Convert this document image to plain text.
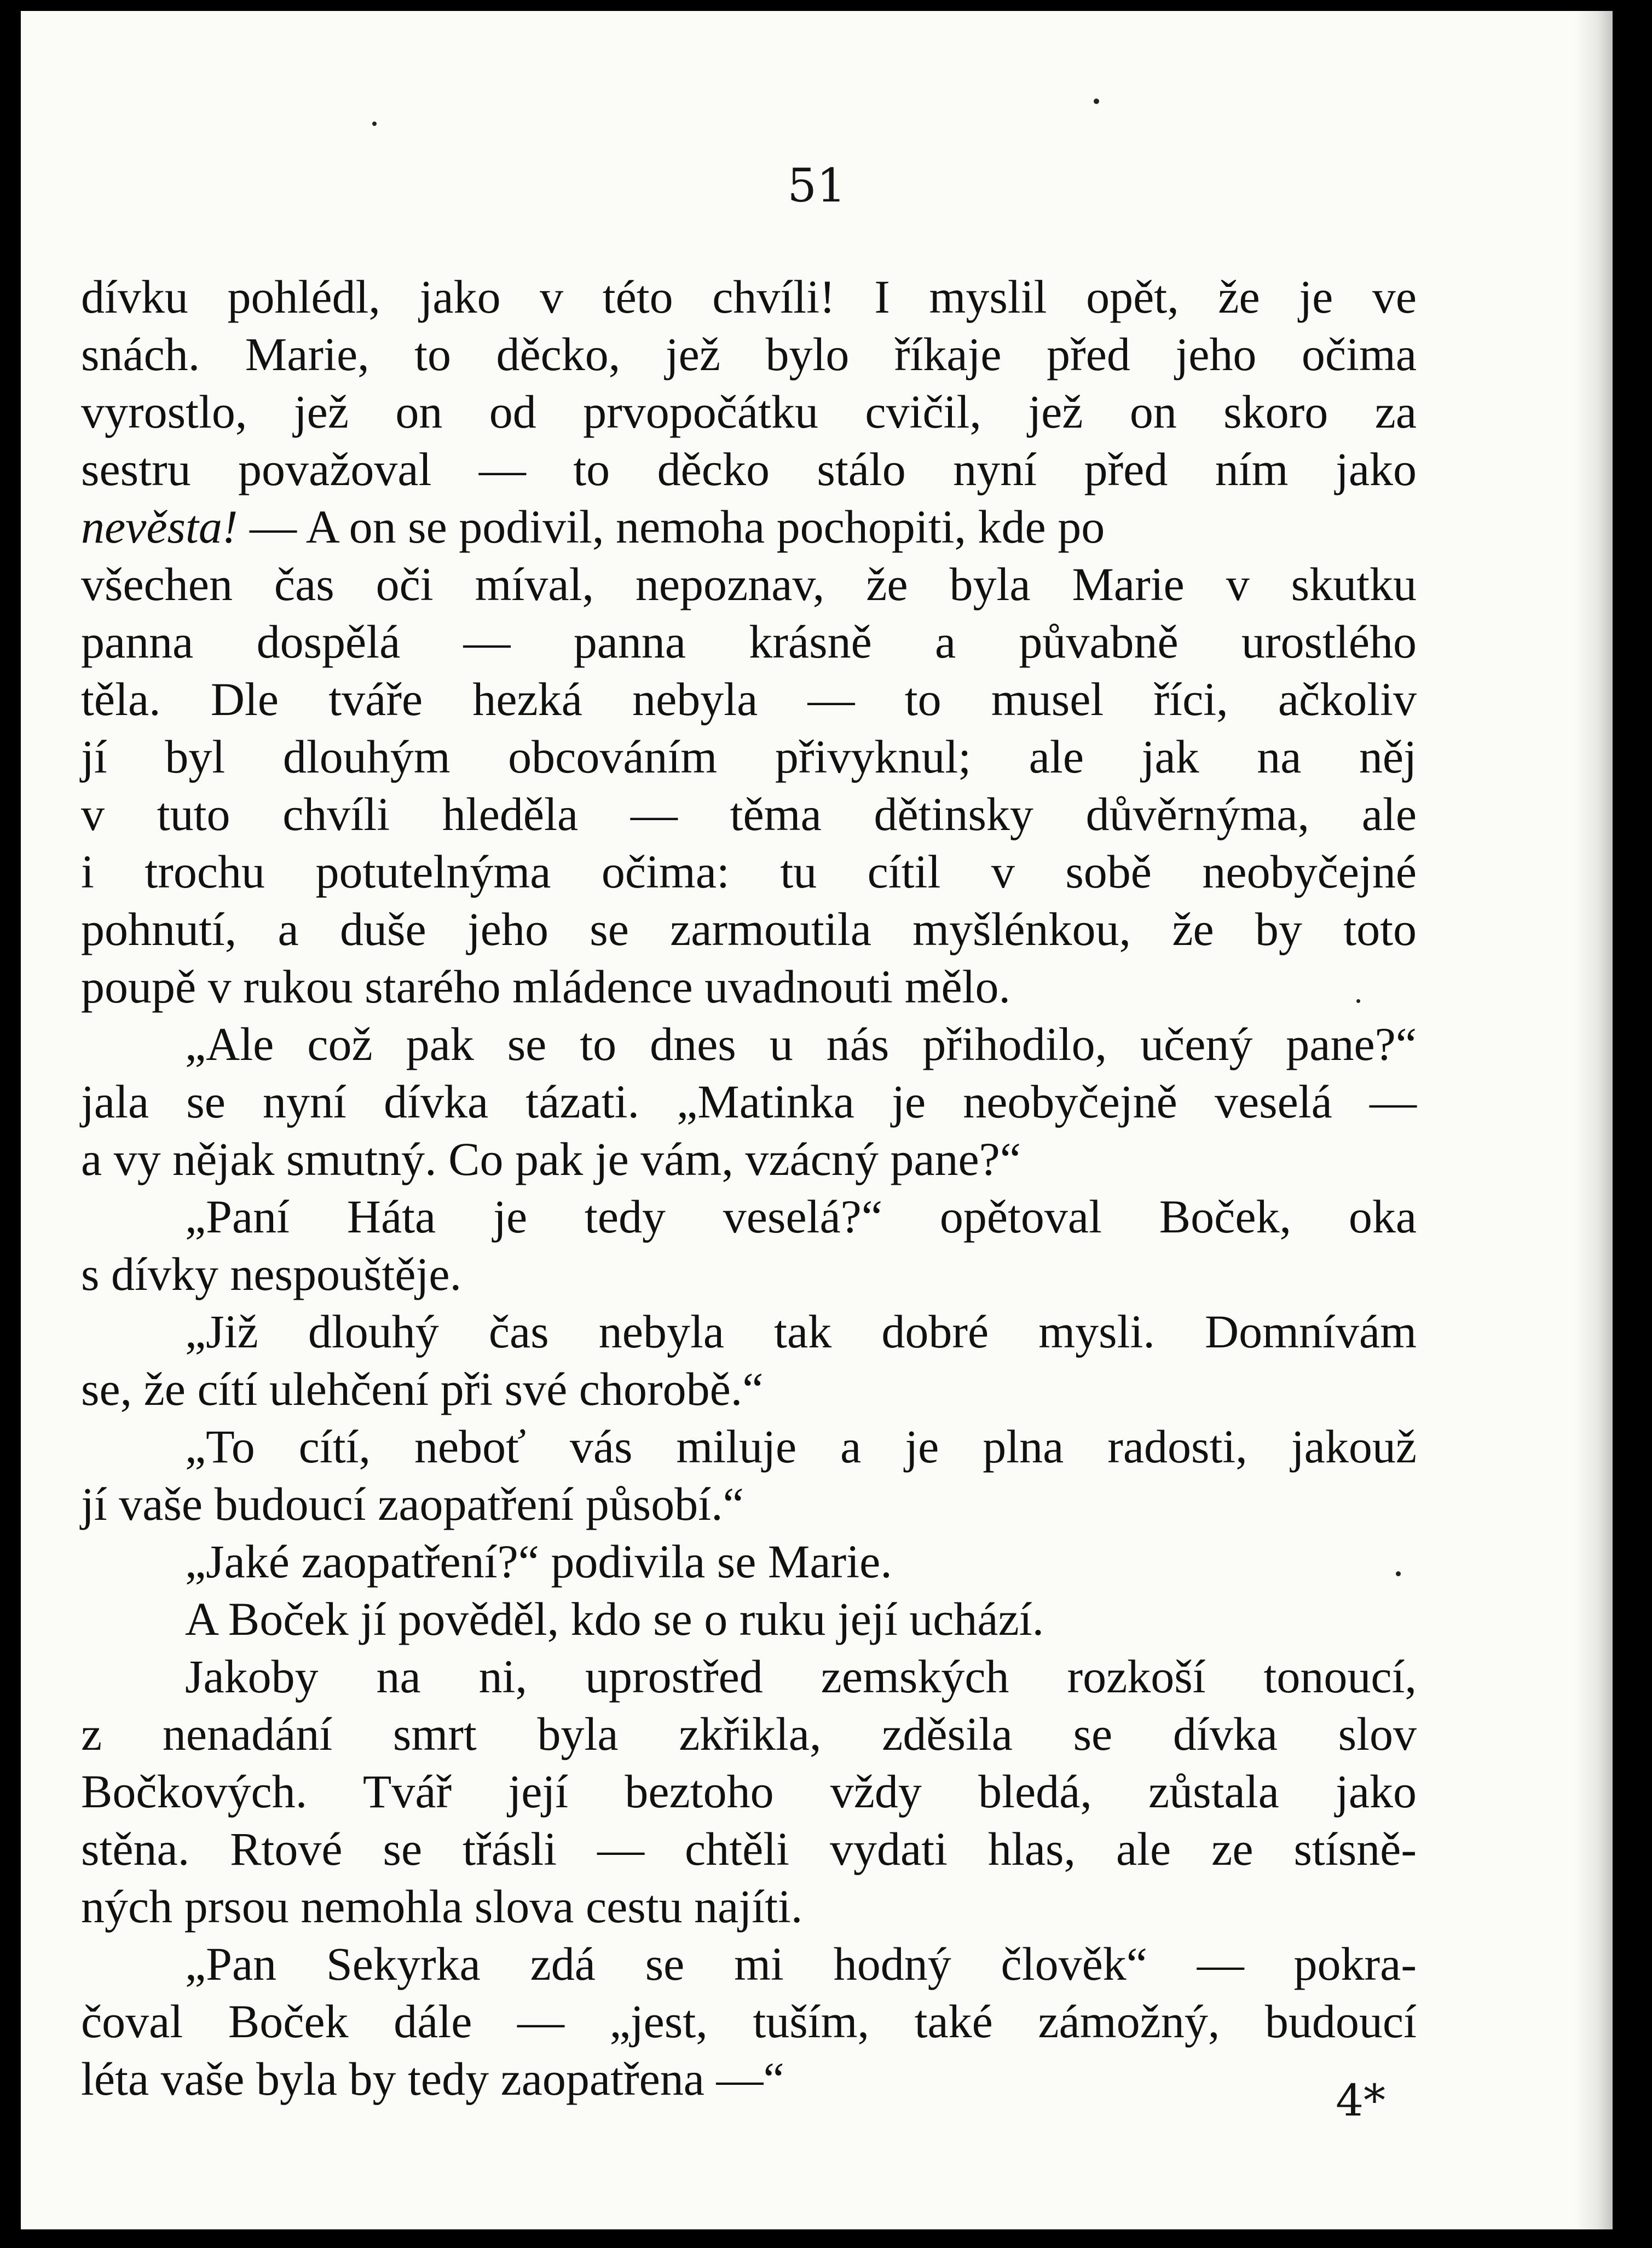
51
dívku pohlédl, jako v této chvíli! I myslil opět, že je ve
snách. Marie, to děcko, jež bylo říkaje před jeho očima
vyrostlo, jež on od prvopočátku cvičil, jež on skoro za
sestru považoval — to děcko stálo nyní před ním jako
nevěsta! — A on se podivil, nemoha pochopiti, kde po
všechen čas oči míval, nepoznav, že byla Marie v skutku
panna dospělá — panna krásně a půvabně urostlého
těla. Dle tváře hezká nebyla — to musel říci, ačkoliv
jí byl dlouhým obcováním přivyknul; ale jak na něj
v tuto chvíli hleděla — těma dětinsky důvěrnýma, ale
i trochu potutelnýma očima: tu cítil v sobě neobyčejné
pohnutí, a duše jeho se zarmoutila myšlénkou, že by toto
poupě v rukou starého mládence uvadnouti mělo.
„Ale což pak se to dnes u nás přihodilo, učený pane?“
jala se nyní dívka tázati. „Matinka je neobyčejně veselá —
a vy nějak smutný. Co pak je vám, vzácný pane?“
„Paní Háta je tedy veselá?“ opětoval Boček, oka
s dívky nespouštěje.
„Již dlouhý čas nebyla tak dobré mysli. Domnívám
se, že cítí ulehčení při své chorobě.“
„To cítí, neboť vás miluje a je plna radosti, jakouž
jí vaše budoucí zaopatření působí.“
„Jaké zaopatření?“ podivila se Marie.
A Boček jí pověděl, kdo se o ruku její uchází.
Jakoby na ni, uprostřed zemských rozkoší tonoucí,
z nenadání smrt byla zkřikla, zděsila se dívka slov
Bočkových. Tvář její beztoho vždy bledá, zůstala jako
stěna. Rtové se třásli — chtěli vydati hlas, ale ze stísně-
ných prsou nemohla slova cestu najíti.
„Pan Sekyrka zdá se mi hodný člověk“ — pokra-
čoval Boček dále — „jest, tuším, také zámožný, budoucí
léta vaše byla by tedy zaopatřena —“	4*
